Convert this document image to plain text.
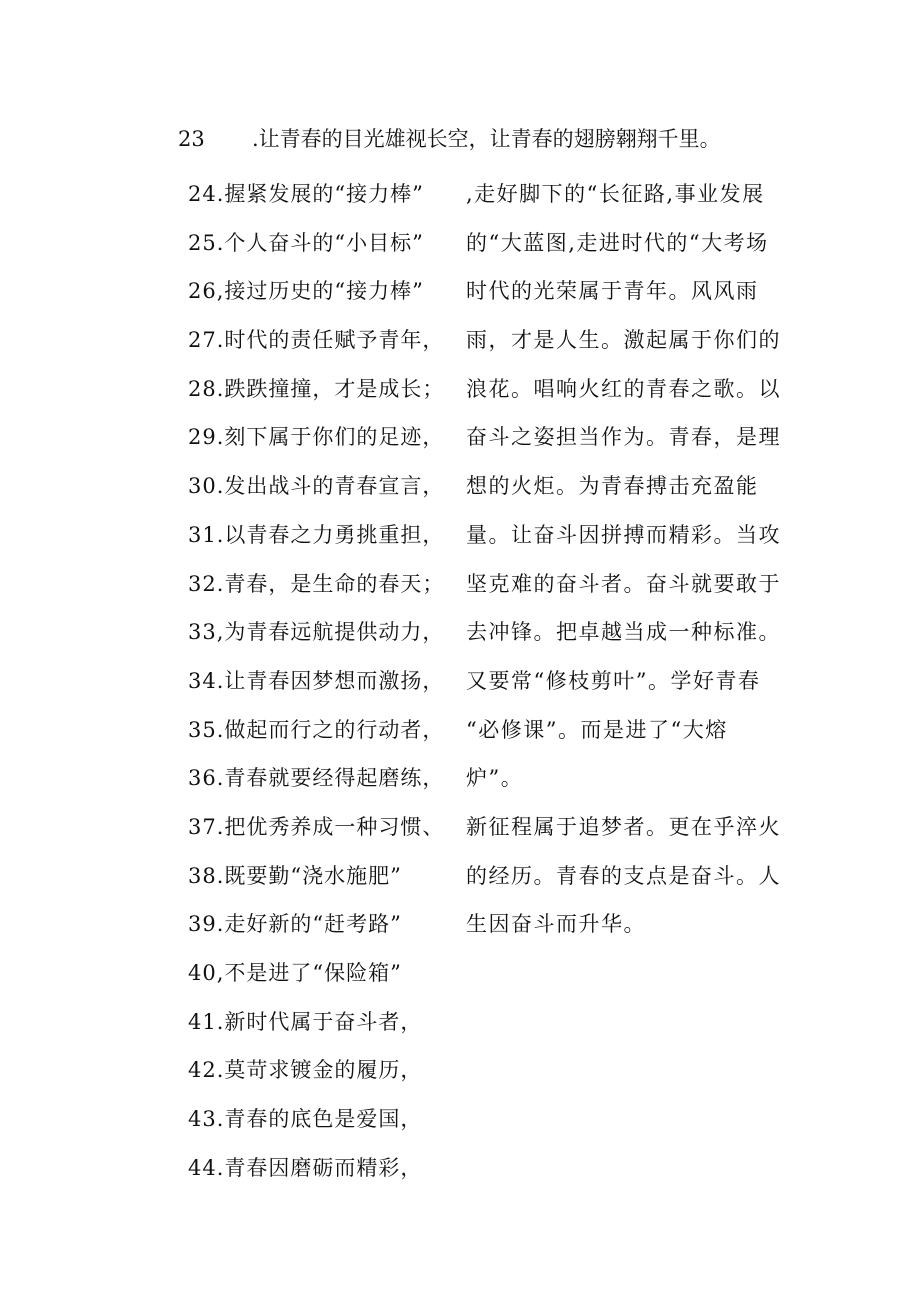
23 .让青春的目光雄视长空，让青春的翅膀翱翔千里。
24.握紧发展的“接力棒”
25.个人奋斗的“小目标”
26,接过历史的“接力棒”
27.时代的责任赋予青年，
28.跌跌撞撞，才是成长；
29.刻下属于你们的足迹，
30.发出战斗的青春宣言，
31.以青春之力勇挑重担，
32.青春，是生命的春天；
33,为青春远航提供动力，
34.让青春因梦想而激扬，
35.做起而行之的行动者，
36.青春就要经得起磨练，
37.把优秀养成一种习惯、
38.既要勤“浇水施肥”
39.走好新的“赶考路”
40,不是进了“保险箱”
41.新时代属于奋斗者，
42.莫苛求镀金的履历，
43.青春的底色是爱国，
44.青春因磨砺而精彩，
,走好脚下的“长征路,事业发展
的“大蓝图,走进时代的“大考场
时代的光荣属于青年。风风雨
雨，才是人生。激起属于你们的
浪花。唱响火红的青春之歌。以
奋斗之姿担当作为。青春，是理
想的火炬。为青春搏击充盈能
量。让奋斗因拼搏而精彩。当攻
坚克难的奋斗者。奋斗就要敢于
去冲锋。把卓越当成一种标准。
又要常“修枝剪叶”。学好青春
“必修课”。而是进了“大熔
炉”。
新征程属于追梦者。更在乎淬火
的经历。青春的支点是奋斗。人
生因奋斗而升华。
